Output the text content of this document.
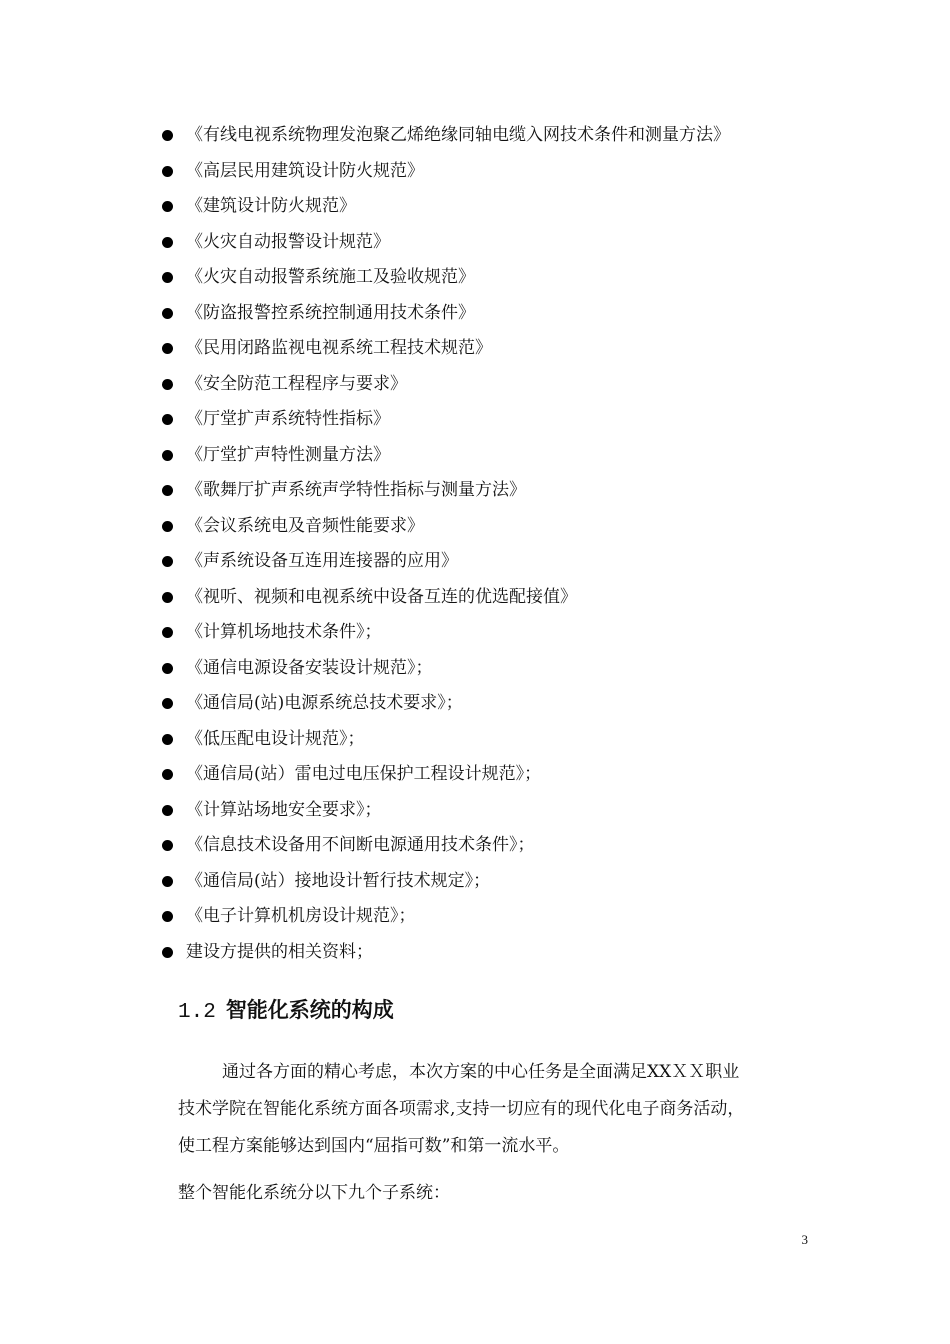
《有线电视系统物理发泡聚乙烯绝缘同轴电缆入网技术条件和测量方法》
《高层民用建筑设计防火规范》
《建筑设计防火规范》
《火灾自动报警设计规范》
《火灾自动报警系统施工及验收规范》
《防盗报警控系统控制通用技术条件》
《民用闭路监视电视系统工程技术规范》
《安全防范工程程序与要求》
《厅堂扩声系统特性指标》
《厅堂扩声特性测量方法》
《歌舞厅扩声系统声学特性指标与测量方法》
《会议系统电及音频性能要求》
《声系统设备互连用连接器的应用》
《视听、视频和电视系统中设备互连的优选配接值》
《计算机场地技术条件》；
《通信电源设备安装设计规范》；
《通信局(站)电源系统总技术要求》；
《低压配电设计规范》；
《通信局(站）雷电过电压保护工程设计规范》；
《计算站场地安全要求》；
《信息技术设备用不间断电源通用技术条件》；
《通信局(站）接地设计暂行技术规定》；
《电子计算机机房设计规范》；
建设方提供的相关资料；
1.2 智能化系统的构成
通过各方面的精心考虑，本次方案的中心任务是全面满足XXＸＸ职业
技术学院在智能化系统方面各项需求,支持一切应有的现代化电子商务活动，
使工程方案能够达到国内“屈指可数”和第一流水平。
整个智能化系统分以下九个子系统：
3
